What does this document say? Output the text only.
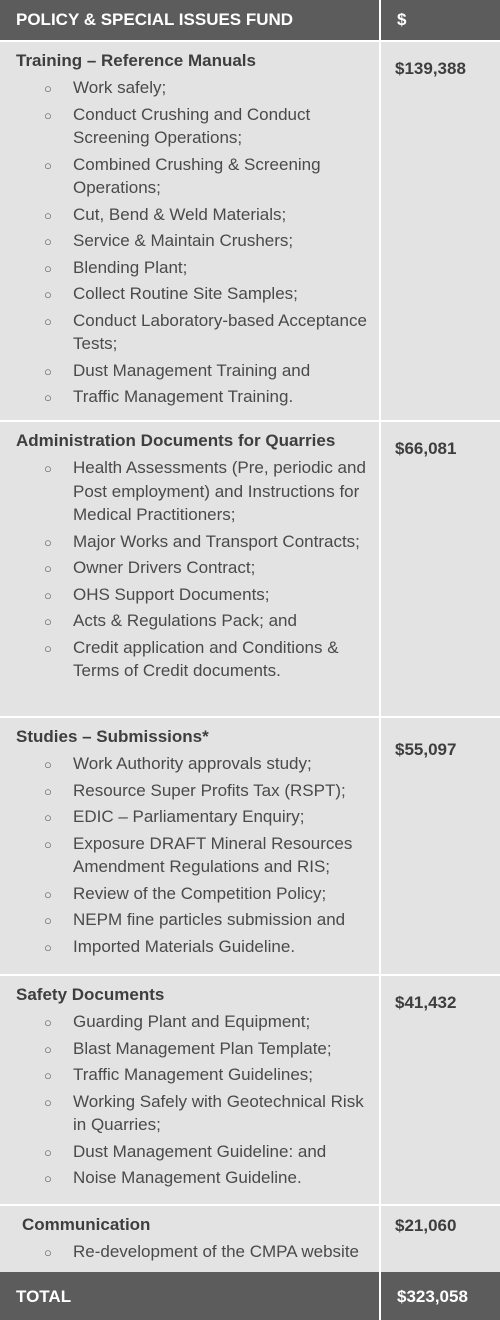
POLICY & SPECIAL ISSUES FUND	$
Training – Reference Manuals
○ Work safely;
○ Conduct Crushing and Conduct Screening Operations;
○ Combined Crushing & Screening Operations;
○ Cut, Bend & Weld Materials;
○ Service & Maintain Crushers;
○ Blending Plant;
○ Collect Routine Site Samples;
○ Conduct Laboratory-based Acceptance Tests;
○ Dust Management Training and
○ Traffic Management Training.
$139,388
Administration Documents for Quarries
○ Health Assessments (Pre, periodic and Post employment) and Instructions for Medical Practitioners;
○ Major Works and Transport Contracts;
○ Owner Drivers Contract;
○ OHS Support Documents;
○ Acts & Regulations Pack; and
○ Credit application and Conditions & Terms of Credit documents.
$66,081
Studies – Submissions*
○ Work Authority approvals study;
○ Resource Super Profits Tax (RSPT);
○ EDIC – Parliamentary Enquiry;
○ Exposure DRAFT Mineral Resources Amendment Regulations and RIS;
○ Review of the Competition Policy;
○ NEPM fine particles submission and
○ Imported Materials Guideline.
$55,097
Safety Documents
○ Guarding Plant and Equipment;
○ Blast Management Plan Template;
○ Traffic Management Guidelines;
○ Working Safely with Geotechnical Risk in Quarries;
○ Dust Management Guideline: and
○ Noise Management Guideline.
$41,432
Communication
○ Re-development of the CMPA website
$21,060
TOTAL	$323,058
